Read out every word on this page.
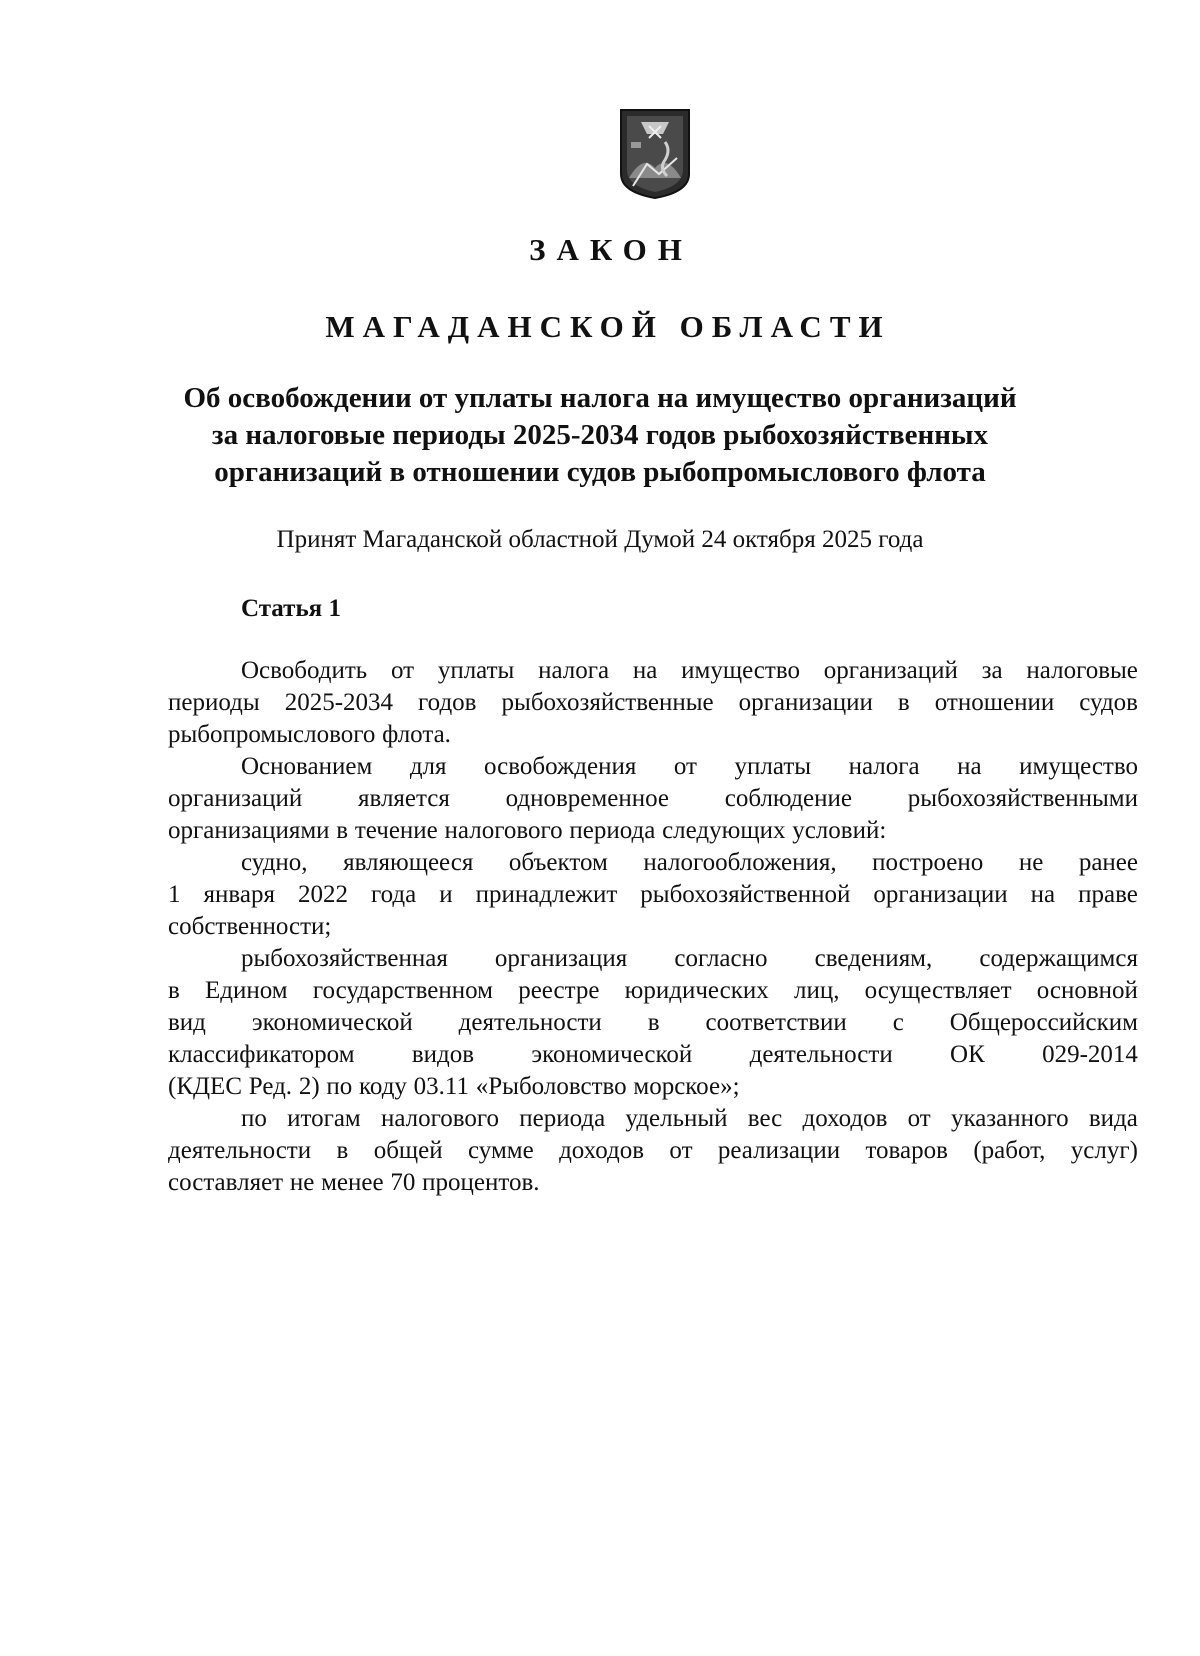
ЗАКОН
МАГАДАНСКОЙ ОБЛАСТИ
Об освобождении от уплаты налога на имущество организаций
за налоговые периоды 2025-2034 годов рыбохозяйственных
организаций в отношении судов рыбопромыслового флота
Принят Магаданской областной Думой 24 октября 2025 года
Статья 1
Освободить от уплаты налога на имущество организаций за налоговые
периоды 2025-2034 годов рыбохозяйственные организации в отношении судов
рыбопромыслового флота.
Основанием для освобождения от уплаты налога на имущество
организаций является одновременное соблюдение рыбохозяйственными
организациями в течение налогового периода следующих условий:
судно, являющееся объектом налогообложения, построено не ранее
1 января 2022 года и принадлежит рыбохозяйственной организации на праве
собственности;
рыбохозяйственная организация согласно сведениям, содержащимся
в Едином государственном реестре юридических лиц, осуществляет основной
вид экономической деятельности в соответствии с Общероссийским
классификатором видов экономической деятельности ОК 029-2014
(КДЕС Ред. 2) по коду 03.11 «Рыболовство морское»;
по итогам налогового периода удельный вес доходов от указанного вида
деятельности в общей сумме доходов от реализации товаров (работ, услуг)
составляет не менее 70 процентов.
